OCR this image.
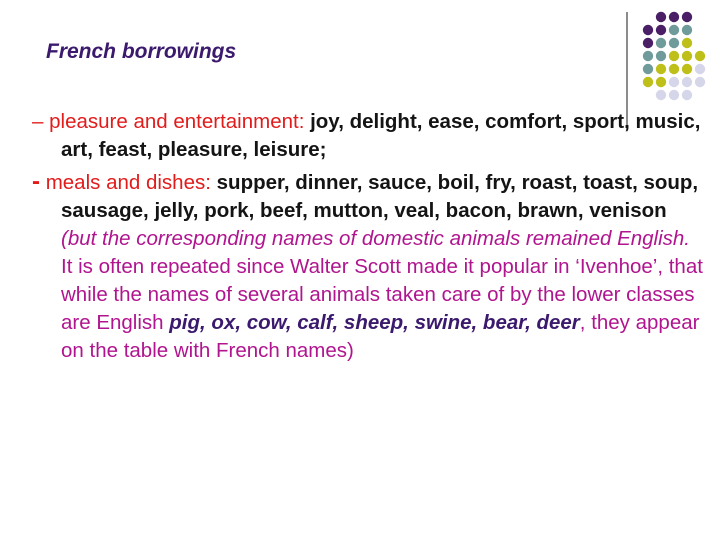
French borrowings

– pleasure and entertainment: joy, delight, ease, comfort, sport, music, art, feast, pleasure, leisure;

- meals and dishes: supper, dinner, sauce, boil, fry, roast, toast, soup, sausage, jelly, pork, beef, mutton, veal, bacon, brawn, venison (but the corresponding names of domestic animals remained English. It is often repeated since Walter Scott made it popular in ‘Ivenhoe’, that while the names of several animals taken care of by the lower classes are English pig, ox, cow, calf, sheep, swine, bear, deer, they appear on the table with French names)
